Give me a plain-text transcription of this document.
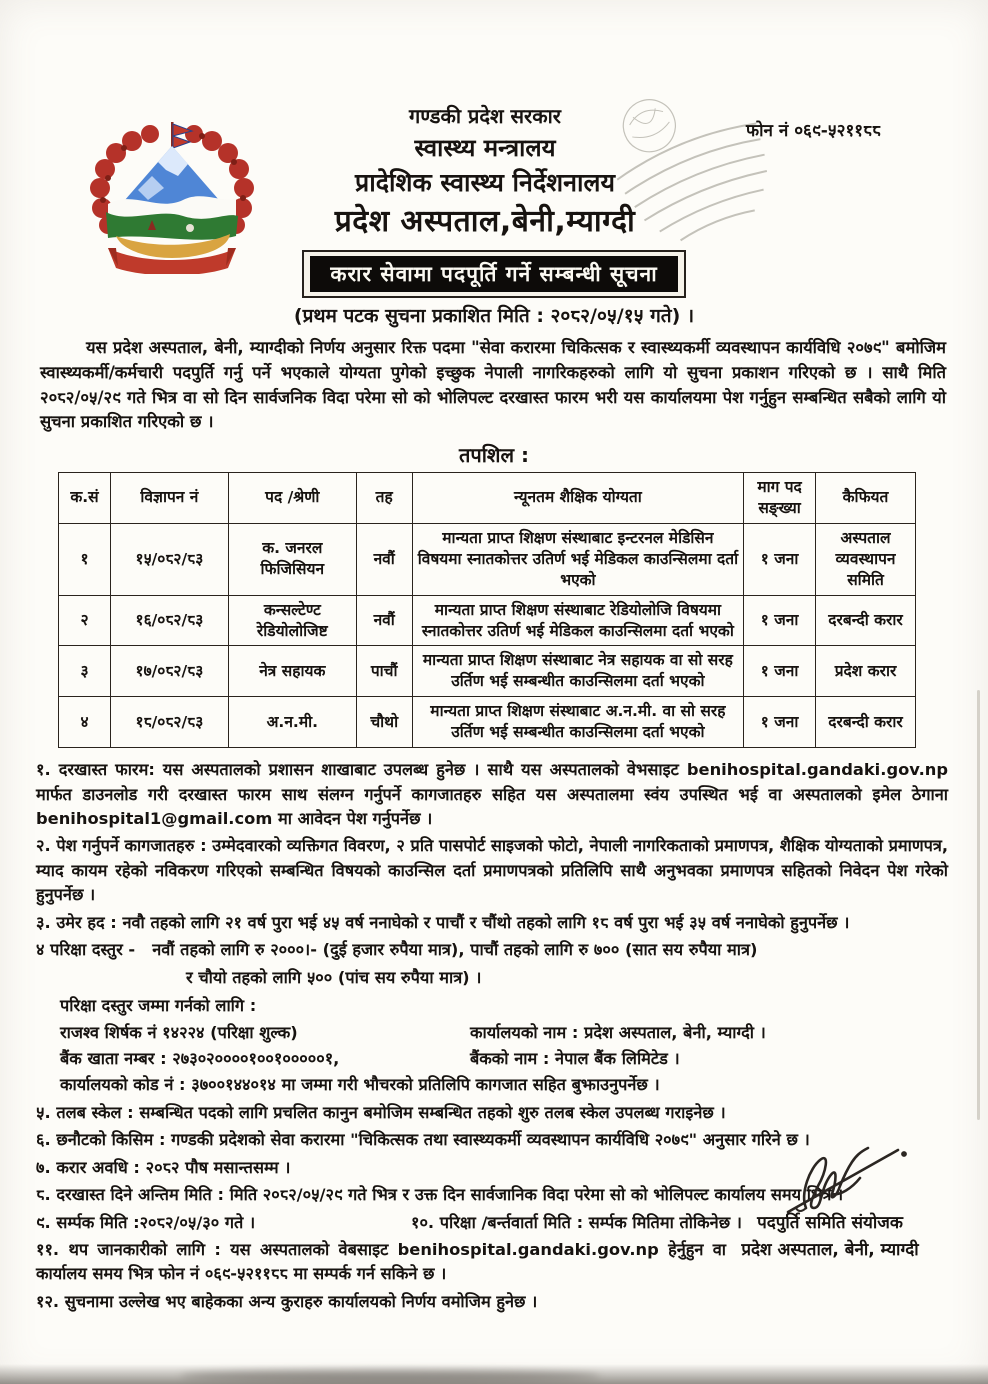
गण्डकी प्रदेश सरकार
स्वास्थ्य मन्त्रालय
प्रादेशिक स्वास्थ्य निर्देशनालय
प्रदेश अस्पताल,बेनी,म्याग्दी
फोन नं ०६९-५२११८८
करार सेवामा पदपूर्ति गर्ने सम्बन्धी सूचना
(प्रथम पटक सुचना प्रकाशित मिति : २०८२/०५/१५ गते) ।

यस प्रदेश अस्पताल, बेनी, म्याग्दीको निर्णय अनुसार रिक्त पदमा "सेवा करारमा चिकित्सक र स्वास्थ्यकर्मी व्यवस्थापन कार्यविधि २०७९" बमोजिम स्वास्थ्यकर्मी/कर्मचारी पदपुर्ति गर्नु पर्ने भएकाले योग्यता पुगेको इच्छुक नेपाली नागरिकहरुको लागि यो सुचना प्रकाशन गरिएको छ । साथै मिति २०८२/०५/२९ गते भित्र वा सो दिन सार्वजनिक विदा परेमा सो को भोलिपल्ट दरखास्त फारम भरी यस कार्यालयमा पेश गर्नुहुन सम्बन्धित सबैको लागि यो सुचना प्रकाशित गरिएको छ ।

तपशिल :
क.सं	विज्ञापन नं	पद /श्रेणी	तह	न्यूनतम शैक्षिक योग्यता	माग पद सङ्ख्या	कैफियत
१	१५/०८२/८३	क. जनरल फिजिसियन	नवौं	मान्यता प्राप्त शिक्षण संस्थाबाट इन्टरनल मेडिसिन विषयमा स्नातकोत्तर उतिर्ण भई मेडिकल काउन्सिलमा दर्ता भएको	१ जना	अस्पताल व्यवस्थापन समिति
२	१६/०८२/८३	कन्सल्टेण्ट रेडियोलोजिष्ट	नवौं	मान्यता प्राप्त शिक्षण संस्थाबाट रेडियोलोजि विषयमा स्नातकोत्तर उतिर्ण भई मेडिकल काउन्सिलमा दर्ता भएको	१ जना	दरबन्दी करार
३	१७/०८२/८३	नेत्र सहायक	पाचौं	मान्यता प्राप्त शिक्षण संस्थाबाट नेत्र सहायक वा सो सरह उर्तिण भई सम्बन्धीत काउन्सिलमा दर्ता भएको	१ जना	प्रदेश करार
४	१८/०८२/८३	अ.न.मी.	चौथो	मान्यता प्राप्त शिक्षण संस्थाबाट अ.न.मी. वा सो सरह उर्तिण भई सम्बन्धीत काउन्सिलमा दर्ता भएको	१ जना	दरबन्दी करार

१. दरखास्त फारम: यस अस्पतालको प्रशासन शाखाबाट उपलब्ध हुनेछ । साथै यस अस्पतालको वेभसाइट benihospital.gandaki.gov.np मार्फत डाउनलोड गरी दरखास्त फारम साथ संलग्न गर्नुपर्ने कागजातहरु सहित यस अस्पतालमा स्वंय उपस्थित भई वा अस्पतालको इमेल ठेगाना benihospital1@gmail.com मा आवेदन पेश गर्नुपर्नेछ ।

२. पेश गर्नुपर्ने कागजातहरु : उम्मेदवारको व्यक्तिगत विवरण, २ प्रति पासपोर्ट साइजको फोटो, नेपाली नागरिकताको प्रमाणपत्र, शैक्षिक योग्यताको प्रमाणपत्र, म्याद कायम रहेको नविकरण गरिएको सम्बन्धित विषयको काउन्सिल दर्ता प्रमाणपत्रको प्रतिलिपि साथै अनुभवका प्रमाणपत्र सहितको निवेदन पेश गरेको हुनुपर्नेछ ।

३. उमेर हद : नवौ तहको लागि २१ वर्ष पुरा भई ४५ वर्ष ननाघेको र पाचौं र चौंथो तहको लागि १८ वर्ष पुरा भई ३५ वर्ष ननाघेको हुनुपर्नेछ ।

४ परिक्षा दस्तुर - नवौं तहको लागि रु २०००।- (दुई हजार रुपैया मात्र), पाचौं तहको लागि रु ७०० (सात सय रुपैया मात्र)

र चौयो तहको लागि ५०० (पांच सय रुपैया मात्र) ।
परिक्षा दस्तुर जम्मा गर्नको लागि :
राजश्व शिर्षक नं १४२२४ (परिक्षा शुल्क)	कार्यालयको नाम : प्रदेश अस्पताल, बेनी, म्याग्दी ।
बैंक खाता नम्बर : २७३०२००००१००१०००००१,	बैंकको नाम : नेपाल बैंक लिमिटेड ।
कार्यालयको कोड नं : ३७००१४४०१४ मा जम्मा गरी भौचरको प्रतिलिपि कागजात सहित बुझाउनुपर्नेछ ।

५. तलब स्केल : सम्बन्धित पदको लागि प्रचलित कानुन बमोजिम सम्बन्धित तहको शुरु तलब स्केल उपलब्ध गराइनेछ ।

६. छनौटको किसिम : गण्डकी प्रदेशको सेवा करारमा "चिकित्सक तथा स्वास्थ्यकर्मी व्यवस्थापन कार्यविधि २०७९" अनुसार गरिने छ ।

७. करार अवधि : २०८२ पौष मसान्तसम्म ।

८. दरखास्त दिने अन्तिम मिति : मिति २०८२/०५/२९ गते भित्र र उक्त दिन सार्वजानिक विदा परेमा सो को भोलिपल्ट कार्यालय समय भित्र ।

९. सर्म्पक मिति :२०८२/०५/३० गते ।	१०. परिक्षा /बर्न्तवार्ता मिति : सर्म्पक मितिमा तोकिनेछ ।

११. थप जानकारीको लागि : यस अस्पतालको वेबसाइट benihospital.gandaki.gov.np हेर्नुहुन वा कार्यालय समय भित्र फोन नं ०६९-५२११८८ मा सम्पर्क गर्न सकिने छ ।

१२. सुचनामा उल्लेख भए बाहेकका अन्य कुराहरु कार्यालयको निर्णय वमोजिम हुनेछ ।

पदपुर्ति समिति संयोजक
प्रदेश अस्पताल, बेनी, म्याग्दी
